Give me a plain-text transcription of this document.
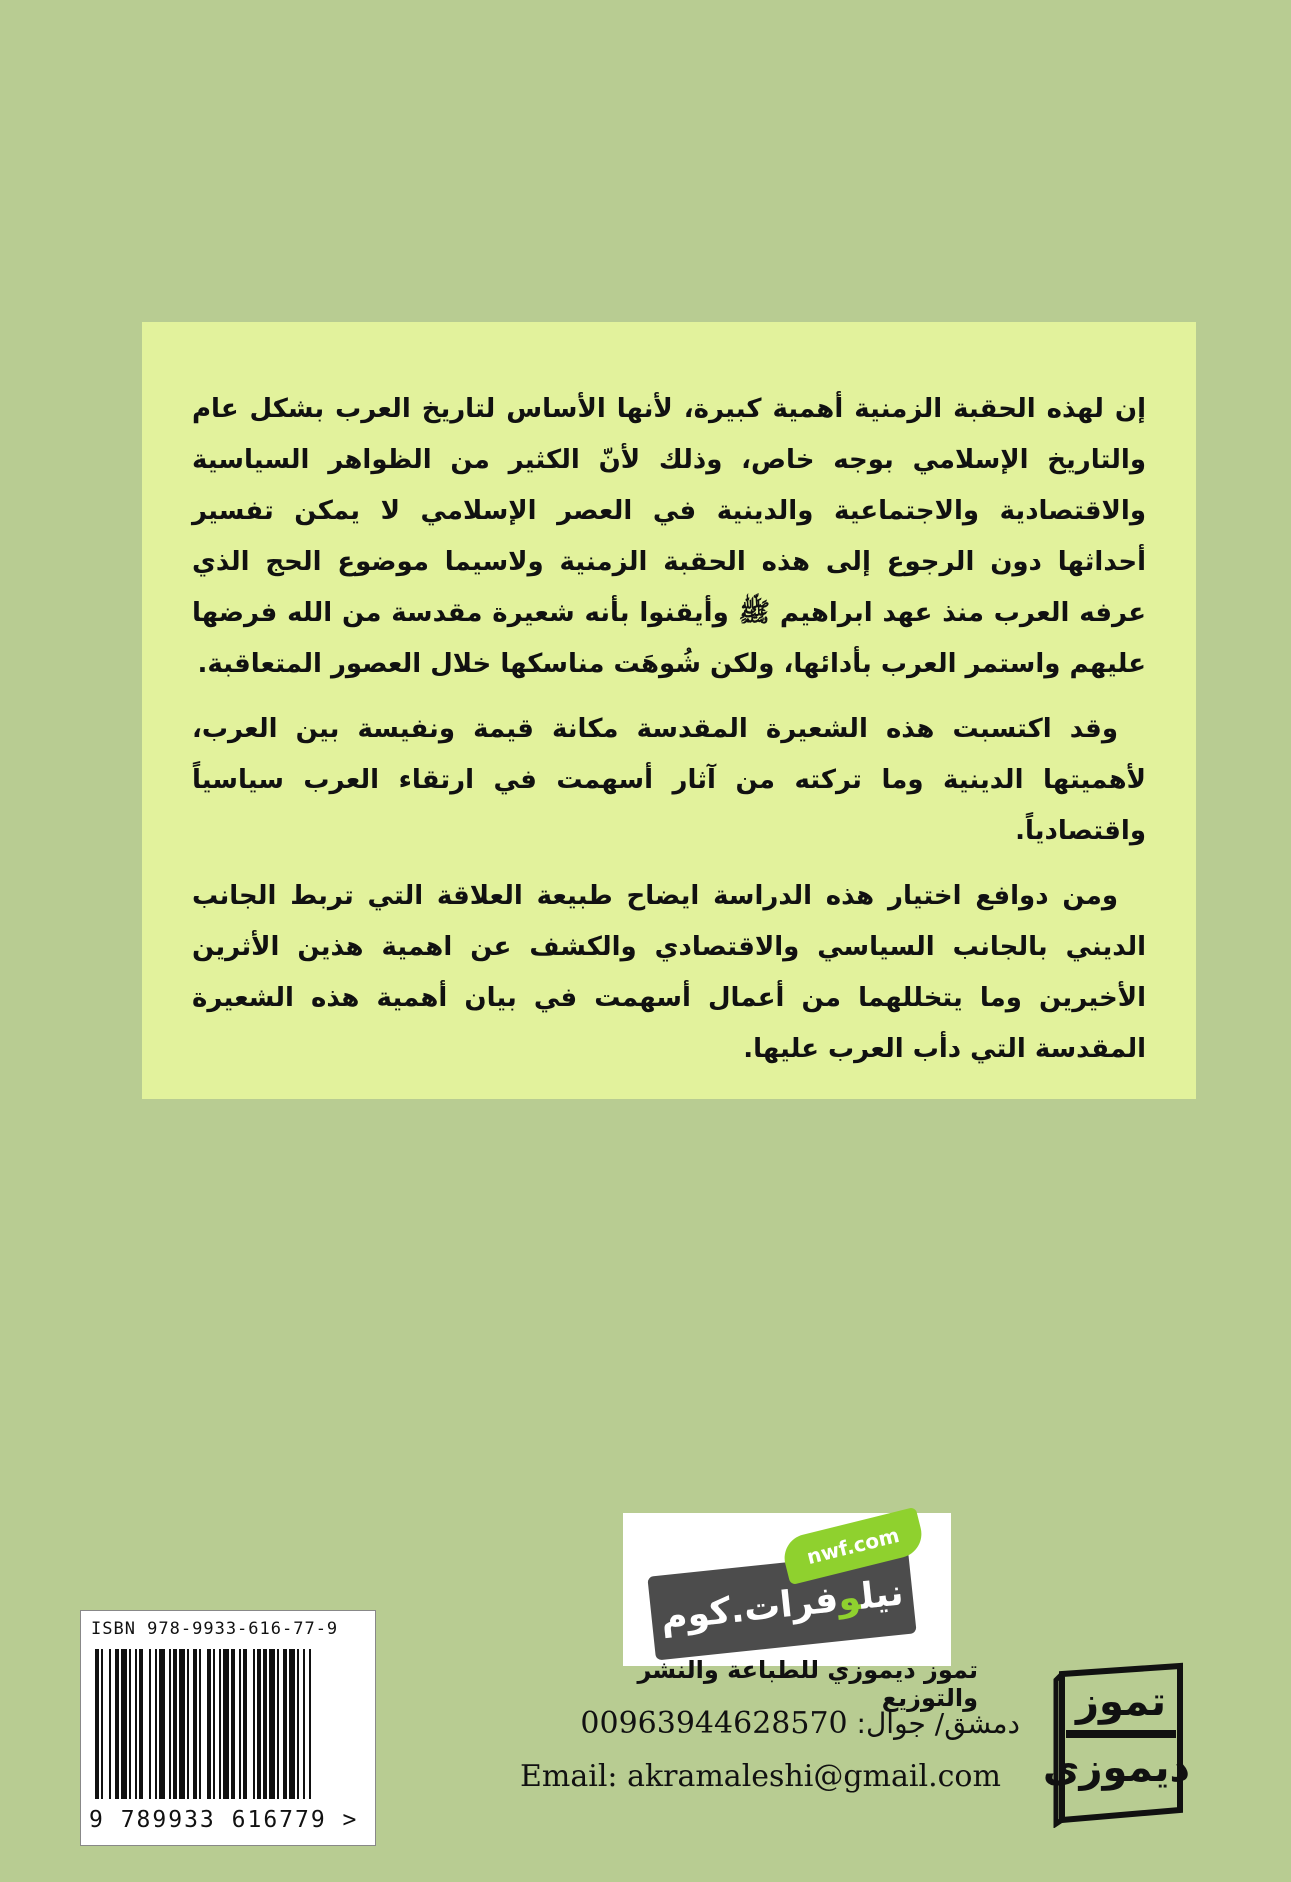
إن لهذه الحقبة الزمنية أهمية كبيرة، لأنها الأساس لتاريخ العرب بشكل عام والتاريخ الإسلامي بوجه خاص، وذلك لأنّ الكثير من الظواهر السياسية والاقتصادية والاجتماعية والدينية في العصر الإسلامي لا يمكن تفسير أحداثها دون الرجوع إلى هذه الحقبة الزمنية ولاسيما موضوع الحج الذي عرفه العرب منذ عهد ابراهيم ﷺ وأيقنوا بأنه شعيرة مقدسة من الله فرضها عليهم واستمر العرب بأدائها، ولكن شُوهَت مناسكها خلال العصور المتعاقبة.

وقد اكتسبت هذه الشعيرة المقدسة مكانة قيمة ونفيسة بين العرب، لأهميتها الدينية وما تركته من آثار أسهمت في ارتقاء العرب سياسياً واقتصادياً.

ومن دوافع اختيار هذه الدراسة ايضاح طبيعة العلاقة التي تربط الجانب الديني بالجانب السياسي والاقتصادي والكشف عن اهمية هذين الأثرين الأخيرين وما يتخللهما من أعمال أسهمت في بيان أهمية هذه الشعيرة المقدسة التي دأب العرب عليها.

نيلوفرات.كوم
nwf.com
ISBN 978-9933-616-77-9
9 789933 616779 >
تموز ديموزي للطباعة والنشر والتوزيع
دمشق/ جوال: 00963944628570
Email: akramaleshi@gmail.com
تموز
ديموزي
